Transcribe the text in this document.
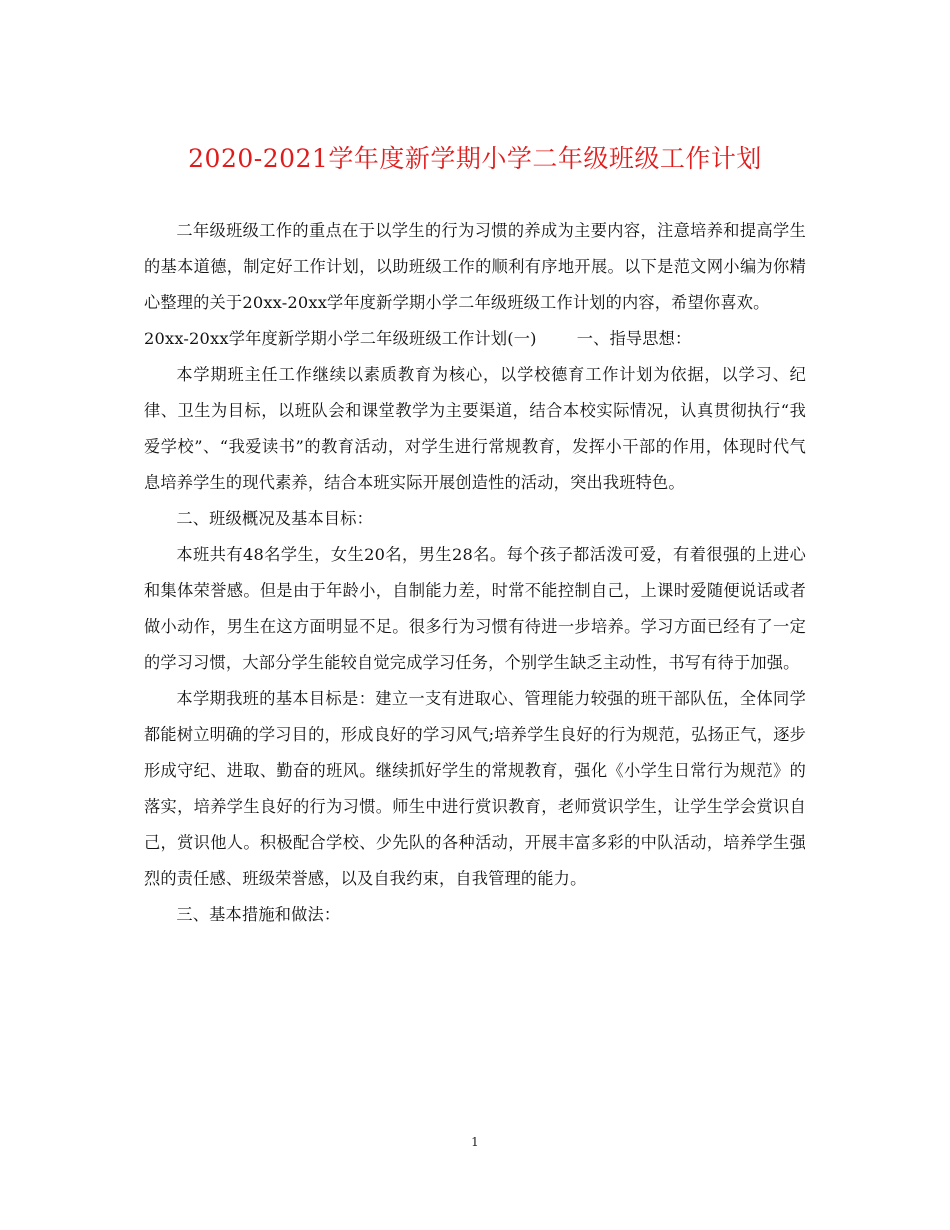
2020-2021学年度新学期小学二年级班级工作计划

二年级班级工作的重点在于以学生的行为习惯的养成为主要内容，注意培养和提高学生的基本道德，制定好工作计划，以助班级工作的顺利有序地开展。以下是范文网小编为你精心整理的关于20xx-20xx学年度新学期小学二年级班级工作计划的内容，希望你喜欢。

20xx-20xx学年度新学期小学二年级班级工作计划(一) 一、指导思想：

本学期班主任工作继续以素质教育为核心，以学校德育工作计划为依据，以学习、纪律、卫生为目标，以班队会和课堂教学为主要渠道，结合本校实际情况，认真贯彻执行“我爱学校”、“我爱读书”的教育活动，对学生进行常规教育，发挥小干部的作用，体现时代气息培养学生的现代素养，结合本班实际开展创造性的活动，突出我班特色。

二、班级概况及基本目标：

本班共有48名学生，女生20名，男生28名。每个孩子都活泼可爱，有着很强的上进心和集体荣誉感。但是由于年龄小，自制能力差，时常不能控制自己，上课时爱随便说话或者做小动作，男生在这方面明显不足。很多行为习惯有待进一步培养。学习方面已经有了一定的学习习惯，大部分学生能较自觉完成学习任务，个别学生缺乏主动性，书写有待于加强。

本学期我班的基本目标是：建立一支有进取心、管理能力较强的班干部队伍，全体同学都能树立明确的学习目的，形成良好的学习风气;培养学生良好的行为规范，弘扬正气，逐步形成守纪、进取、勤奋的班风。继续抓好学生的常规教育，强化《小学生日常行为规范》的落实，培养学生良好的行为习惯。师生中进行赏识教育，老师赏识学生，让学生学会赏识自己，赏识他人。积极配合学校、少先队的各种活动，开展丰富多彩的中队活动，培养学生强烈的责任感、班级荣誉感，以及自我约束，自我管理的能力。

三、基本措施和做法：

1
